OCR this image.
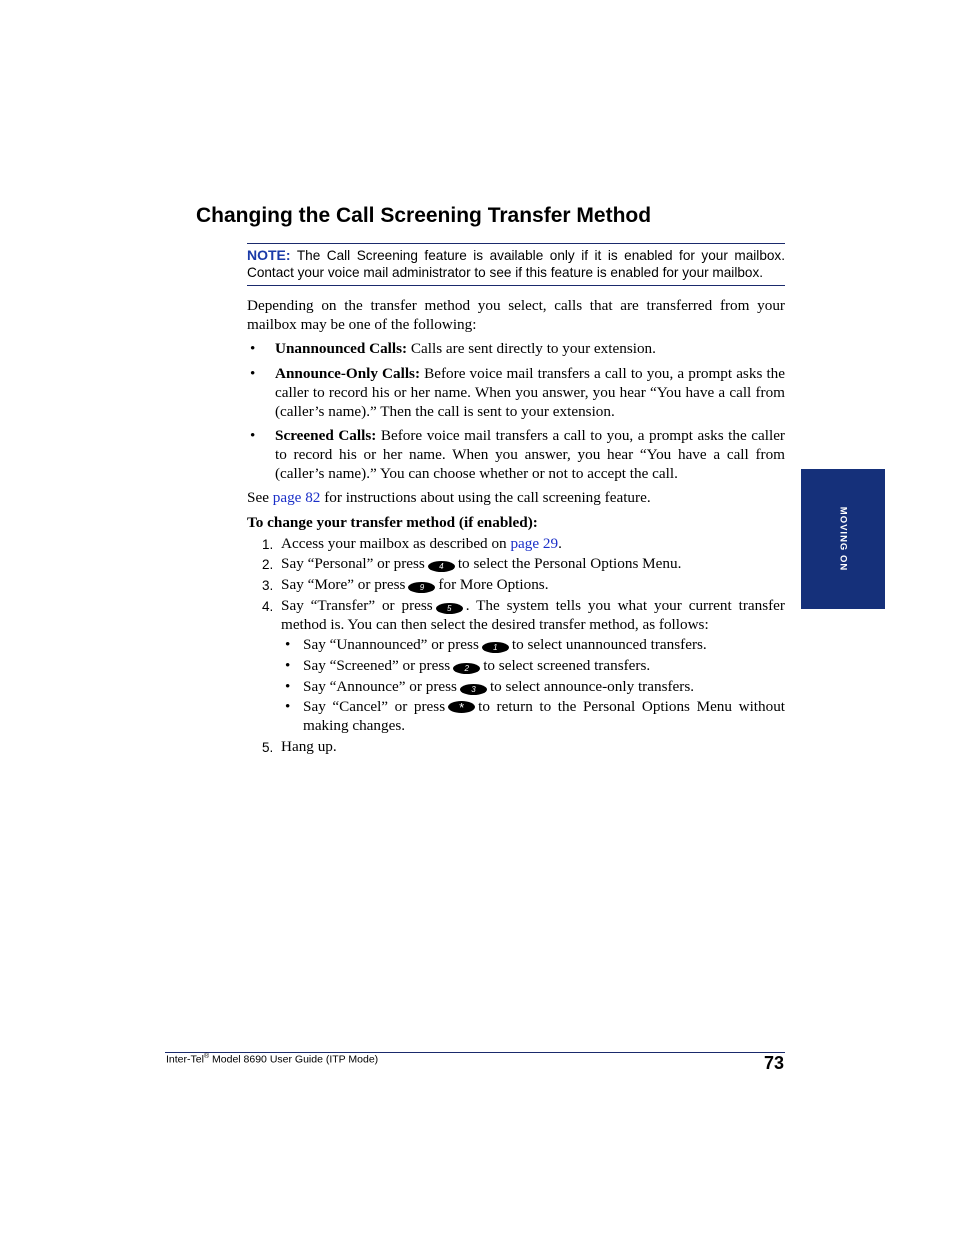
Changing the Call Screening Transfer Method
NOTE: The Call Screening feature is available only if it is enabled for your mailbox. Contact your voice mail administrator to see if this feature is enabled for your mailbox.

Depending on the transfer method you select, calls that are transferred from your mailbox may be one of the following:

• Unannounced Calls: Calls are sent directly to your extension.
• Announce-Only Calls: Before voice mail transfers a call to you, a prompt asks the caller to record his or her name. When you answer, you hear “You have a call from (caller’s name).” Then the call is sent to your extension.
• Screened Calls: Before voice mail transfers a call to you, a prompt asks the caller to record his or her name. When you answer, you hear “You have a call from (caller’s name).” You can choose whether or not to accept the call.

See page 82 for instructions about using the call screening feature.

To change your transfer method (if enabled):

1. Access your mailbox as described on page 29.
2. Say “Personal” or press 4 to select the Personal Options Menu.
3. Say “More” or press 9 for More Options.
4. Say “Transfer” or press 5 . The system tells you what your current transfer method is. You can then select the desired transfer method, as follows:
• Say “Unannounced” or press 1 to select unannounced transfers.
• Say “Screened” or press 2 to select screened transfers.
• Say “Announce” or press 3 to select announce-only transfers.
• Say “Cancel” or press * to return to the Personal Options Menu without making changes.
5. Hang up.
MOVING ON
Inter-Tel® Model 8690 User Guide (ITP Mode)	73
